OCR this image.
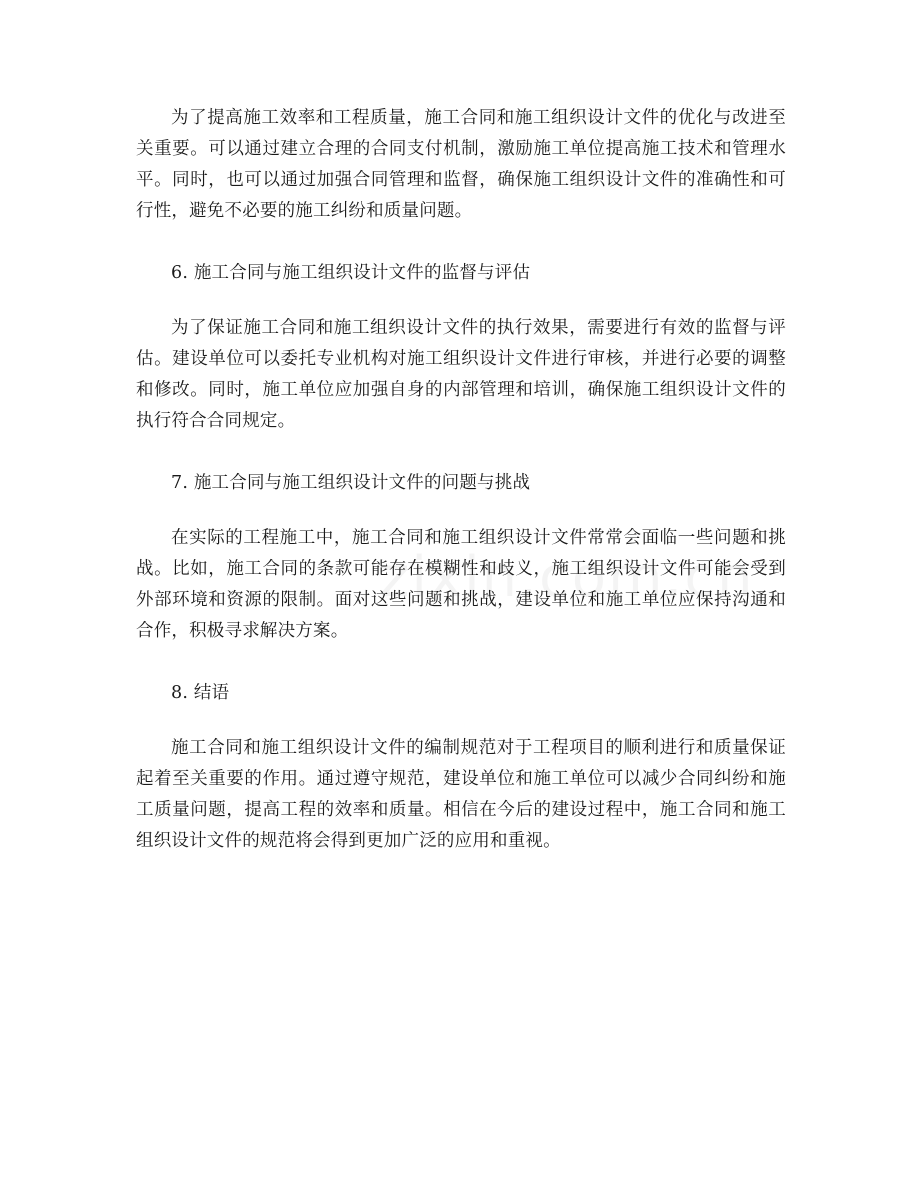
为了提高施工效率和工程质量，施工合同和施工组织设计文件的优化与改进至关重要。可以通过建立合理的合同支付机制，激励施工单位提高施工技术和管理水平。同时，也可以通过加强合同管理和监督，确保施工组织设计文件的准确性和可行性，避免不必要的施工纠纷和质量问题。

6. 施工合同与施工组织设计文件的监督与评估

为了保证施工合同和施工组织设计文件的执行效果，需要进行有效的监督与评估。建设单位可以委托专业机构对施工组织设计文件进行审核，并进行必要的调整和修改。同时，施工单位应加强自身的内部管理和培训，确保施工组织设计文件的执行符合合同规定。

7. 施工合同与施工组织设计文件的问题与挑战

在实际的工程施工中，施工合同和施工组织设计文件常常会面临一些问题和挑战。比如，施工合同的条款可能存在模糊性和歧义，施工组织设计文件可能会受到外部环境和资源的限制。面对这些问题和挑战，建设单位和施工单位应保持沟通和合作，积极寻求解决方案。

8. 结语

施工合同和施工组织设计文件的编制规范对于工程项目的顺利进行和质量保证起着至关重要的作用。通过遵守规范，建设单位和施工单位可以减少合同纠纷和施工质量问题，提高工程的效率和质量。相信在今后的建设过程中，施工合同和施工组织设计文件的规范将会得到更加广泛的应用和重视。
